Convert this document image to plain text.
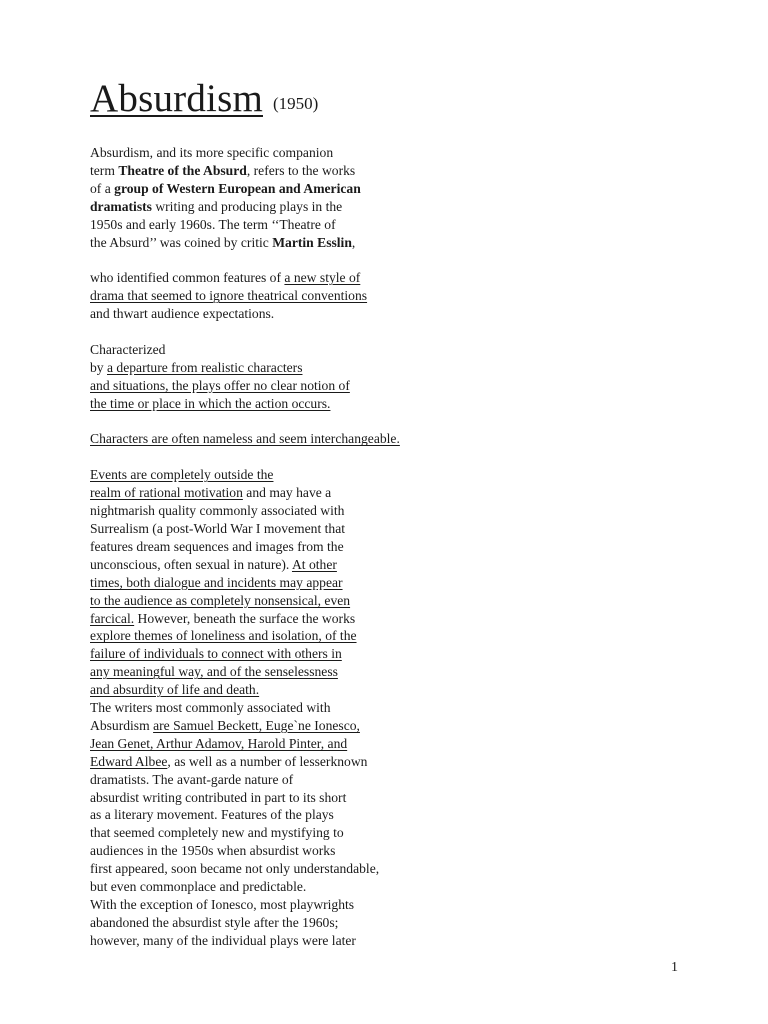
Absurdism (1950)
Absurdism, and its more specific companion
term Theatre of the Absurd, refers to the works
of a group of Western European and American
dramatists writing and producing plays in the
1950s and early 1960s. The term ‘‘Theatre of
the Absurd’’ was coined by critic Martin Esslin,
who identified common features of a new style of
drama that seemed to ignore theatrical conventions
and thwart audience expectations.
Characterized
by a departure from realistic characters
and situations, the plays offer no clear notion of
the time or place in which the action occurs.
Characters are often nameless and seem interchangeable.
Events are completely outside the
realm of rational motivation and may have a
nightmarish quality commonly associated with
Surrealism (a post-World War I movement that
features dream sequences and images from the
unconscious, often sexual in nature). At other
times, both dialogue and incidents may appear
to the audience as completely nonsensical, even
farcical. However, beneath the surface the works
explore themes of loneliness and isolation, of the
failure of individuals to connect with others in
any meaningful way, and of the senselessness
and absurdity of life and death.
The writers most commonly associated with
Absurdism are Samuel Beckett, Euge`ne Ionesco,
Jean Genet, Arthur Adamov, Harold Pinter, and
Edward Albee, as well as a number of lesserknown
dramatists. The avant-garde nature of
absurdist writing contributed in part to its short
as a literary movement. Features of the plays
that seemed completely new and mystifying to
audiences in the 1950s when absurdist works
first appeared, soon became not only understandable,
but even commonplace and predictable.
With the exception of Ionesco, most playwrights
abandoned the absurdist style after the 1960s;
however, many of the individual plays were later
1
